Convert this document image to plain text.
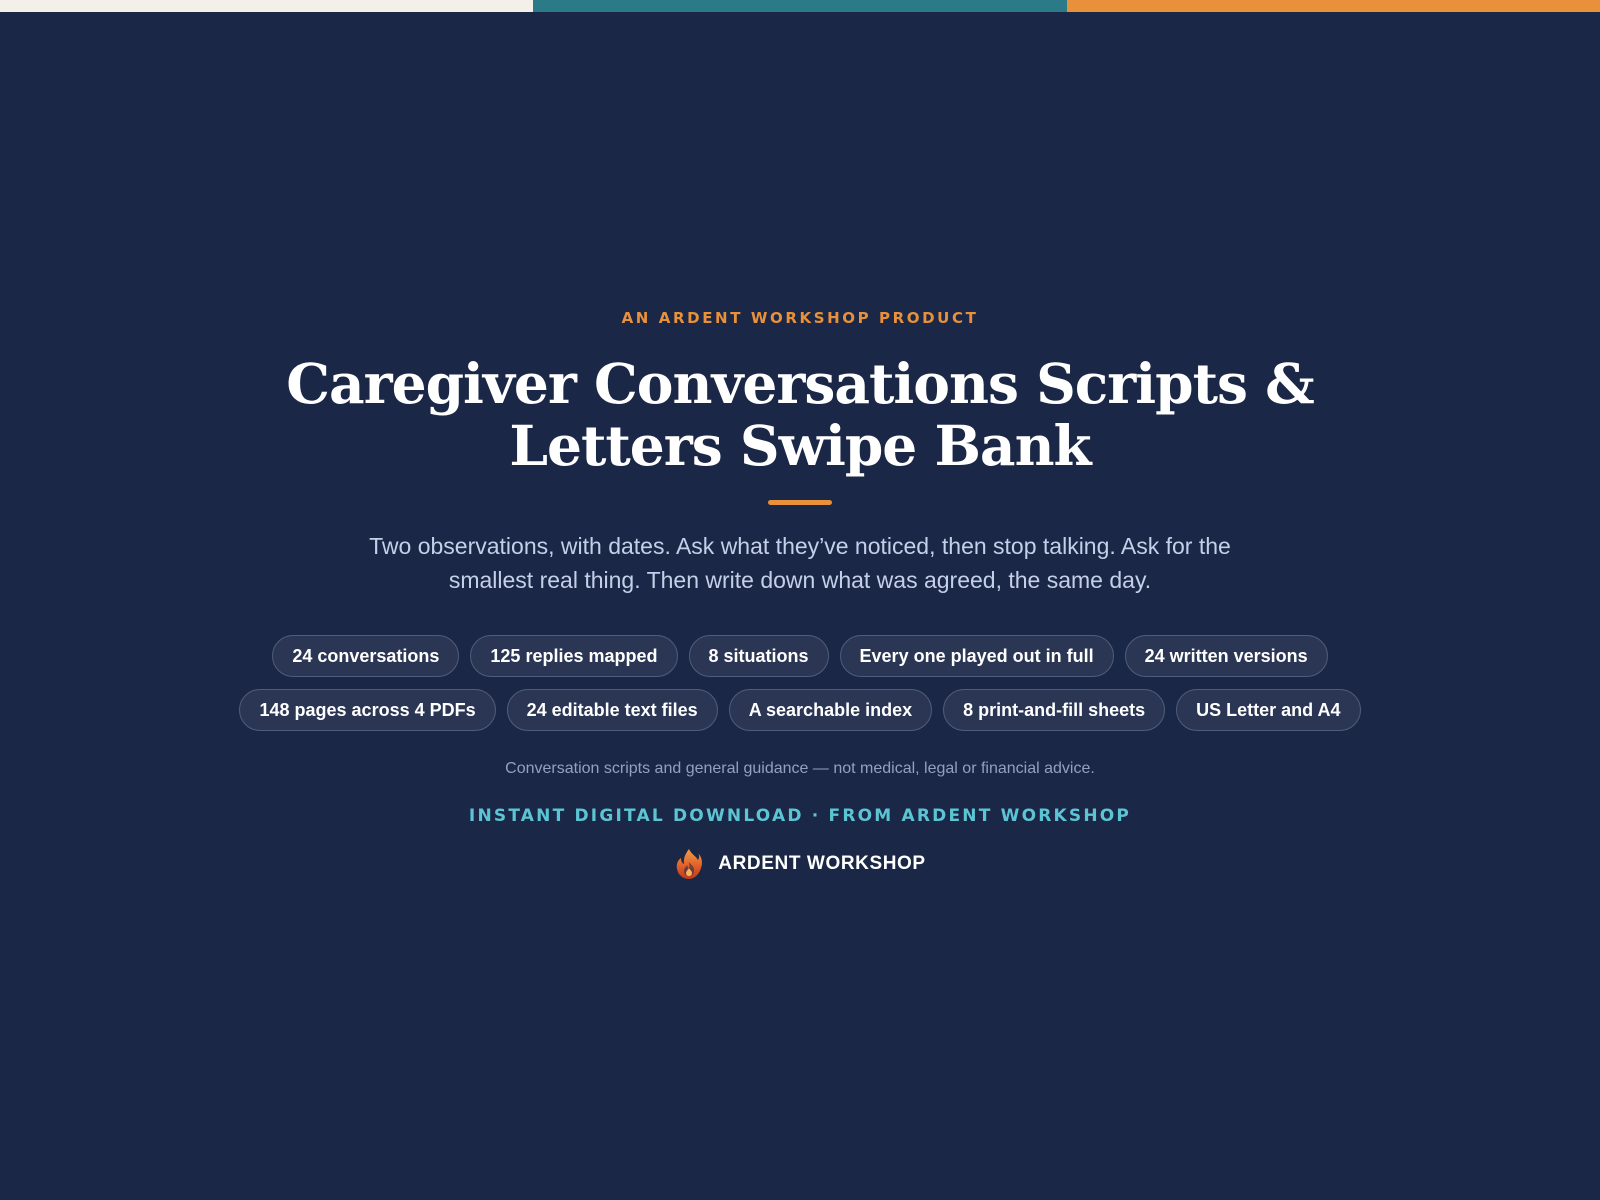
AN ARDENT WORKSHOP PRODUCT
Caregiver Conversations Scripts &
Letters Swipe Bank

Two observations, with dates. Ask what they’ve noticed, then stop talking. Ask for the
smallest real thing. Then write down what was agreed, the same day.

24 conversations	125 replies mapped	8 situations	Every one played out in full	24 written versions
148 pages across 4 PDFs	24 editable text files	A searchable index	8 print-and-fill sheets	US Letter and A4
Conversation scripts and general guidance — not medical, legal or financial advice.
INSTANT DIGITAL DOWNLOAD · FROM ARDENT WORKSHOP
ARDENT WORKSHOP
